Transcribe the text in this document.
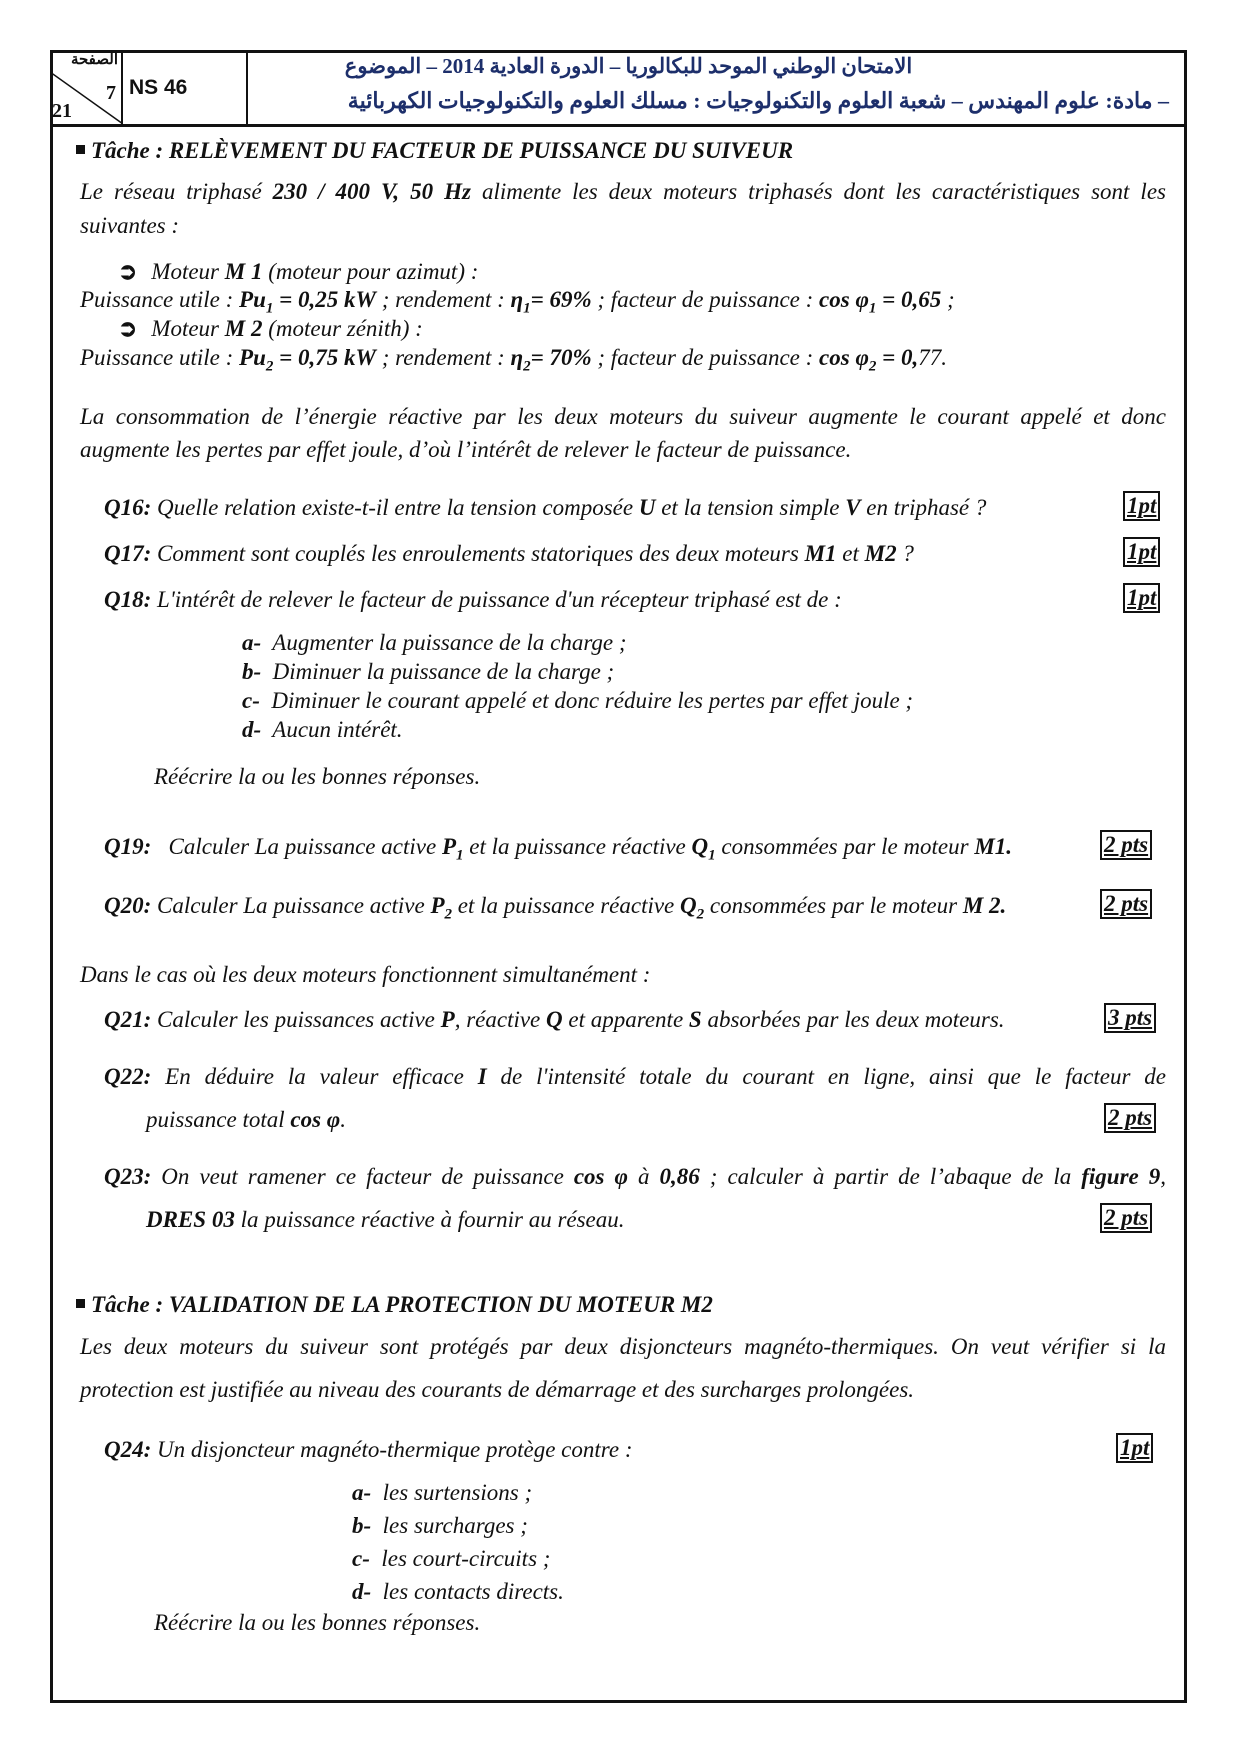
الصفحة
7
21
NS 46
الامتحان الوطني الموحد للبكالوريا – الدورة العادية 2014 – الموضوع
– مادة: علوم المهندس – شعبة العلوم والتكنولوجيات : مسلك العلوم والتكنولوجيات الكهربائية
Tâche : RELÈVEMENT DU FACTEUR DE PUISSANCE DU SUIVEUR
Le réseau triphasé 230 / 400 V, 50 Hz alimente les deux moteurs triphasés dont les caractéristiques sont les
suivantes :
➲ Moteur M 1 (moteur pour azimut) :
Puissance utile : $Pu_1 = 0,25$ kW ; rendement : $\eta_1= 69\%$ ; facteur de puissance : $\cos \varphi_1 = 0,65$ ;
➲ Moteur M 2 (moteur zénith) :
Puissance utile : $Pu_2 = 0,75$ kW ; rendement : $\eta_2= 70\%$ ; facteur de puissance : $\cos \varphi_2 = 0,77$.
La consommation de l’énergie réactive par les deux moteurs du suiveur augmente le courant appelé et donc
augmente les pertes par effet joule, d’où l’intérêt de relever le facteur de puissance.
Q16: Quelle relation existe-t-il entre la tension composée U et la tension simple V en triphasé ?	1pt
Q17: Comment sont couplés les enroulements statoriques des deux moteurs M1 et M2 ?	1pt
Q18: L'intérêt de relever le facteur de puissance d'un récepteur triphasé est de :	1pt
a- Augmenter la puissance de la charge ;
b- Diminuer la puissance de la charge ;
c- Diminuer le courant appelé et donc réduire les pertes par effet joule ;
d- Aucun intérêt.
Réécrire la ou les bonnes réponses.
Q19:   Calculer La puissance active $P_1$ et la puissance réactive $Q_1$ consommées par le moteur M1.	2 pts
Q20: Calculer La puissance active $P_2$ et la puissance réactive $Q_2$ consommées par le moteur M 2.	2 pts
Dans le cas où les deux moteurs fonctionnent simultanément :
Q21: Calculer les puissances active P, réactive Q et apparente S absorbées par les deux moteurs.	3 pts
Q22: En déduire la valeur efficace I de l'intensité totale du courant en ligne, ainsi que le facteur de
puissance total cos φ.	2 pts
Q23: On veut ramener ce facteur de puissance cos φ à 0,86 ; calculer à partir de l’abaque de la figure 9,
DRES 03 la puissance réactive à fournir au réseau.	2 pts
Tâche : VALIDATION DE LA PROTECTION DU MOTEUR M2
Les deux moteurs du suiveur sont protégés par deux disjoncteurs magnéto-thermiques. On veut vérifier si la
protection est justifiée au niveau des courants de démarrage et des surcharges prolongées.
Q24: Un disjoncteur magnéto-thermique protège contre :	1pt
a- les surtensions ;
b- les surcharges ;
c- les court-circuits ;
d- les contacts directs.
Réécrire la ou les bonnes réponses.
